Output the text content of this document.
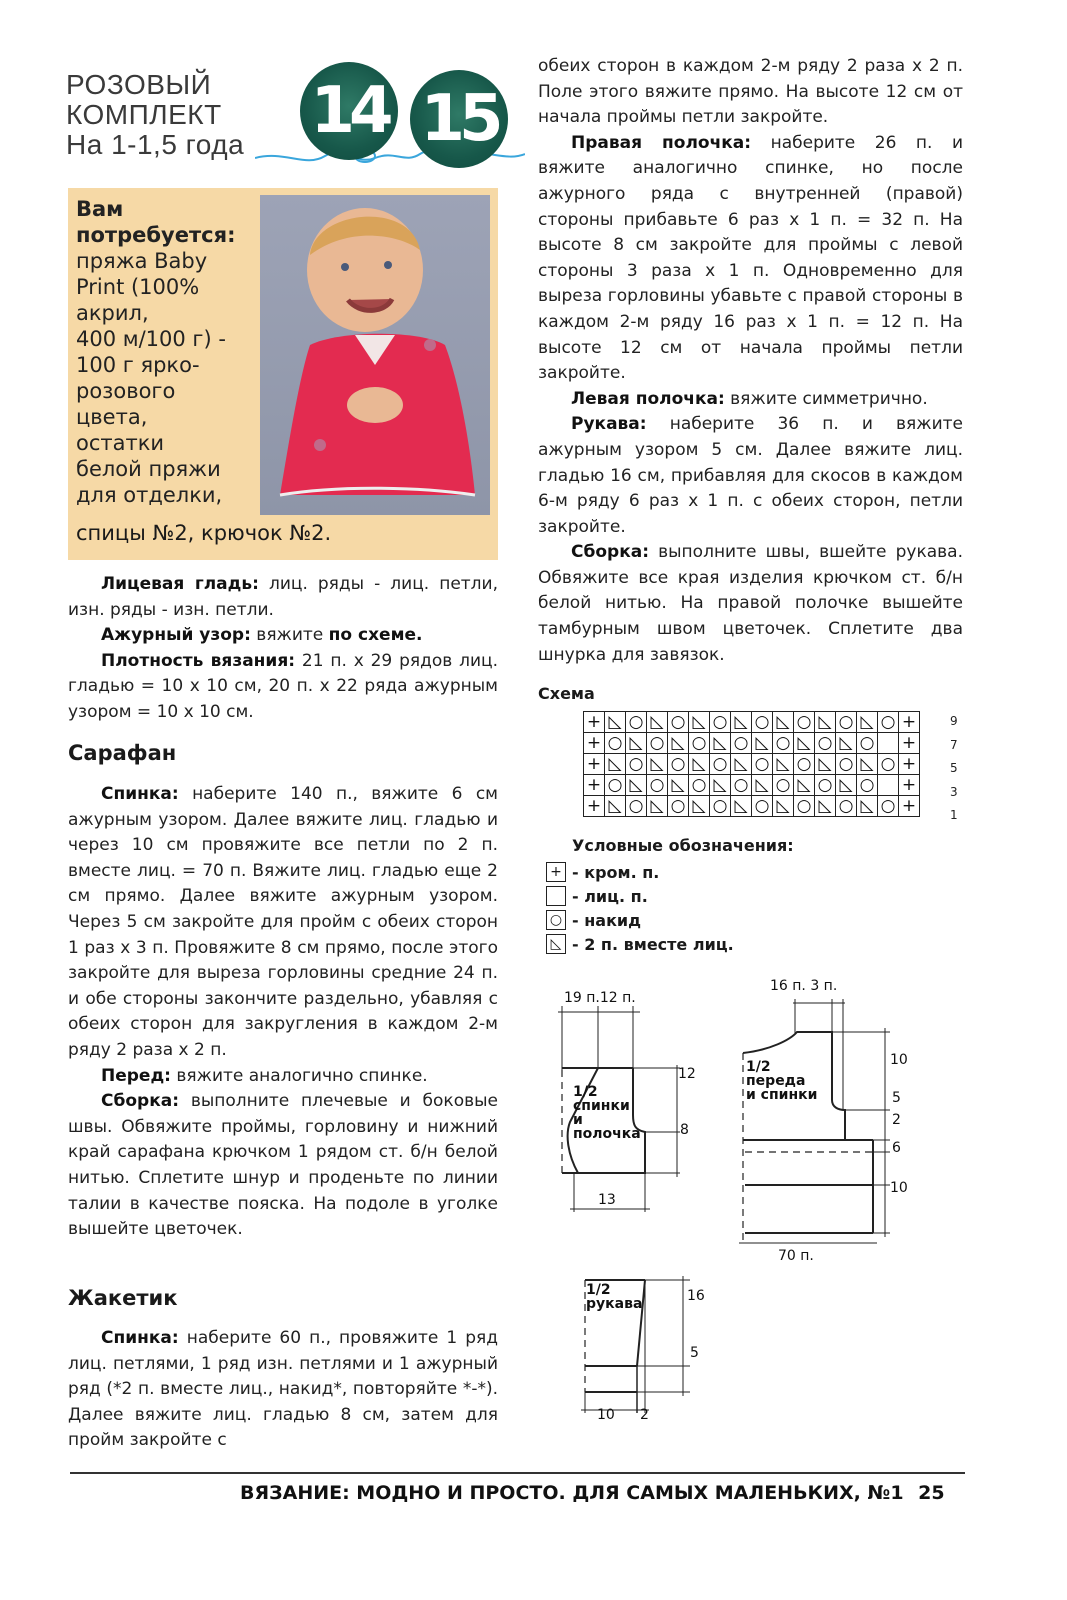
РОЗОВЫЙ
КОМПЛЕКТ
На 1-1,5 года	14 15
Вам потребуется:
пряжа Baby
Print (100%
акрил,
400 м/100 г) -
100 г ярко-
розового
цвета,
остатки
белой пряжи
для отделки,
спицы №2, крючок №2.

Лицевая гладь: лиц. ряды - лиц. петли, изн. ряды - изн. петли.

Ажурный узор: вяжите по схеме.

Плотность вязания: 21 п. х 29 рядов лиц. гладью = 10 х 10 см, 20 п. х 22 ряда ажурным узором = 10 х 10 см.

Сарафан

Спинка: наберите 140 п., вяжите 6 см ажурным узором. Далее вяжите лиц. гладью и через 10 см провяжите все петли по 2 п. вместе лиц. = 70 п. Вяжите лиц. гладью еще 2 см прямо. Далее вяжите ажурным узором. Через 5 см закройте для пройм с обеих сторон 1 раз х 3 п. Провяжите 8 см прямо, после этого закройте для выреза горловины средние 24 п. и обе стороны закончите раздельно, убавляя с обеих сторон для закругления в каждом 2-м ряду 2 раза х 2 п.

Перед: вяжите аналогично спинке.

Сборка: выполните плечевые и боковые швы. Обвяжите проймы, горловину и нижний край сарафана крючком 1 рядом ст. б/н белой нитью. Сплетите шнур и проденьте по линии талии в качестве пояска. На подоле в уголке вышейте цветочек.

Жакетик

Спинка: наберите 60 п., провяжите 1 ряд лиц. петлями, 1 ряд изн. петлями и 1 ажурный ряд (*2 п. вместе лиц., накид*, повторяйте *-*). Далее вяжите лиц. гладью 8 см, затем для пройм закройте с

обеих сторон в каждом 2-м ряду 2 раза х 2 п. Поле этого вяжите прямо. На высоте 12 см от начала проймы петли закройте.

Правая полочка: наберите 26 п. и вяжите аналогично спинке, но после ажурного ряда с внутренней (правой) стороны прибавьте 6 раз х 1 п. = 32 п. На высоте 8 см закройте для проймы с левой стороны 3 раза х 1 п. Одновременно для выреза горловины убавьте с правой стороны в каждом 2-м ряду 16 раз х 1 п. = 12 п. На высоте 12 см от начала проймы петли закройте.

Левая полочка: вяжите симметрично.

Рукава: наберите 36 п. и вяжите ажурным узором 5 см. Далее вяжите лиц. гладью 16 см, прибавляя для скосов в каждом 6-м ряду 6 раз х 1 п. с обеих сторон, петли закройте.

Сборка: выполните швы, вшейте рукава. Обвяжите все края изделия крючком ст. б/н белой нитью. На правой полочке вышейте тамбурным швом цветочек. Сплетите два шнурка для завязок.

Схема
+	◺	○	◺	○	◺	○	◺	○	◺	○	◺	○	◺	○	+
+	○	◺	○	◺	○	◺	○	◺	○	◺	○	◺	○		+
+	◺	○	◺	○	◺	○	◺	○	◺	○	◺	○	◺	○	+
+	○	◺	○	◺	○	◺	○	◺	○	◺	○	◺	○		+
+	◺	○	◺	○	◺	○	◺	○	◺	○	◺	○	◺	○	+
9
7
5
3
1
Условные обозначения:
+ - кром. п.
- лиц. п.
○ - накид
◺ - 2 п. вместе лиц.
19 п.12 п.
1/2
спинки
и
полочка
12
8
13
16 п. 3 п.
1/2
переда
и спинки
10
5
2
6
10
70 п.
1/2
рукава	16
5
10 2
ВЯЗАНИЕ: МОДНО И ПРОСТО. ДЛЯ САМЫХ МАЛЕНЬКИХ, №1 25
